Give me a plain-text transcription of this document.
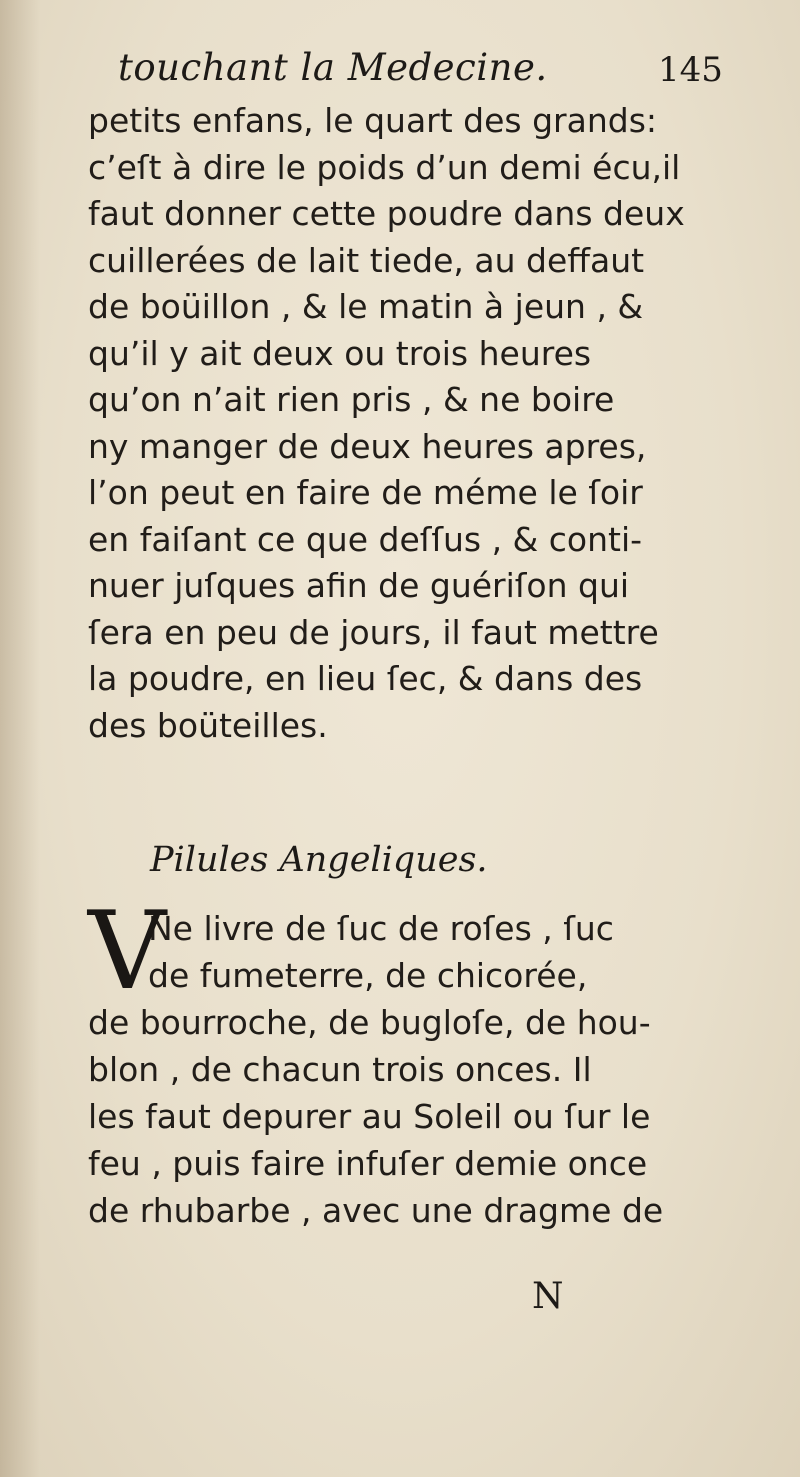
touchant la Medecine.	145
petits enfans, le quart des grands:
c’eſt à dire le poids d’un demi écu,il
faut donner cette poudre dans deux
cuillerées de lait tiede, au deffaut
de boüillon , & le matin à jeun , &
qu’il y ait deux ou trois heures
qu’on n’ait rien pris , & ne boire
ny manger de deux heures apres,
l’on peut en faire de méme le ſoir
en faiſant ce que deſſus , & conti-
nuer juſques afin de guériſon qui
ſera en peu de jours, il faut mettre
la poudre, en lieu ſec, & dans des
des boüteilles.
Pilules Angeliques.
V
Ne livre de ſuc de roſes , ſuc
de fumeterre, de chicorée,
de bourroche, de bugloſe, de hou-
blon , de chacun trois onces. Il
les faut depurer au Soleil ou ſur le
feu , puis faire infuſer demie once
de rhubarbe , avec une dragme de
N
